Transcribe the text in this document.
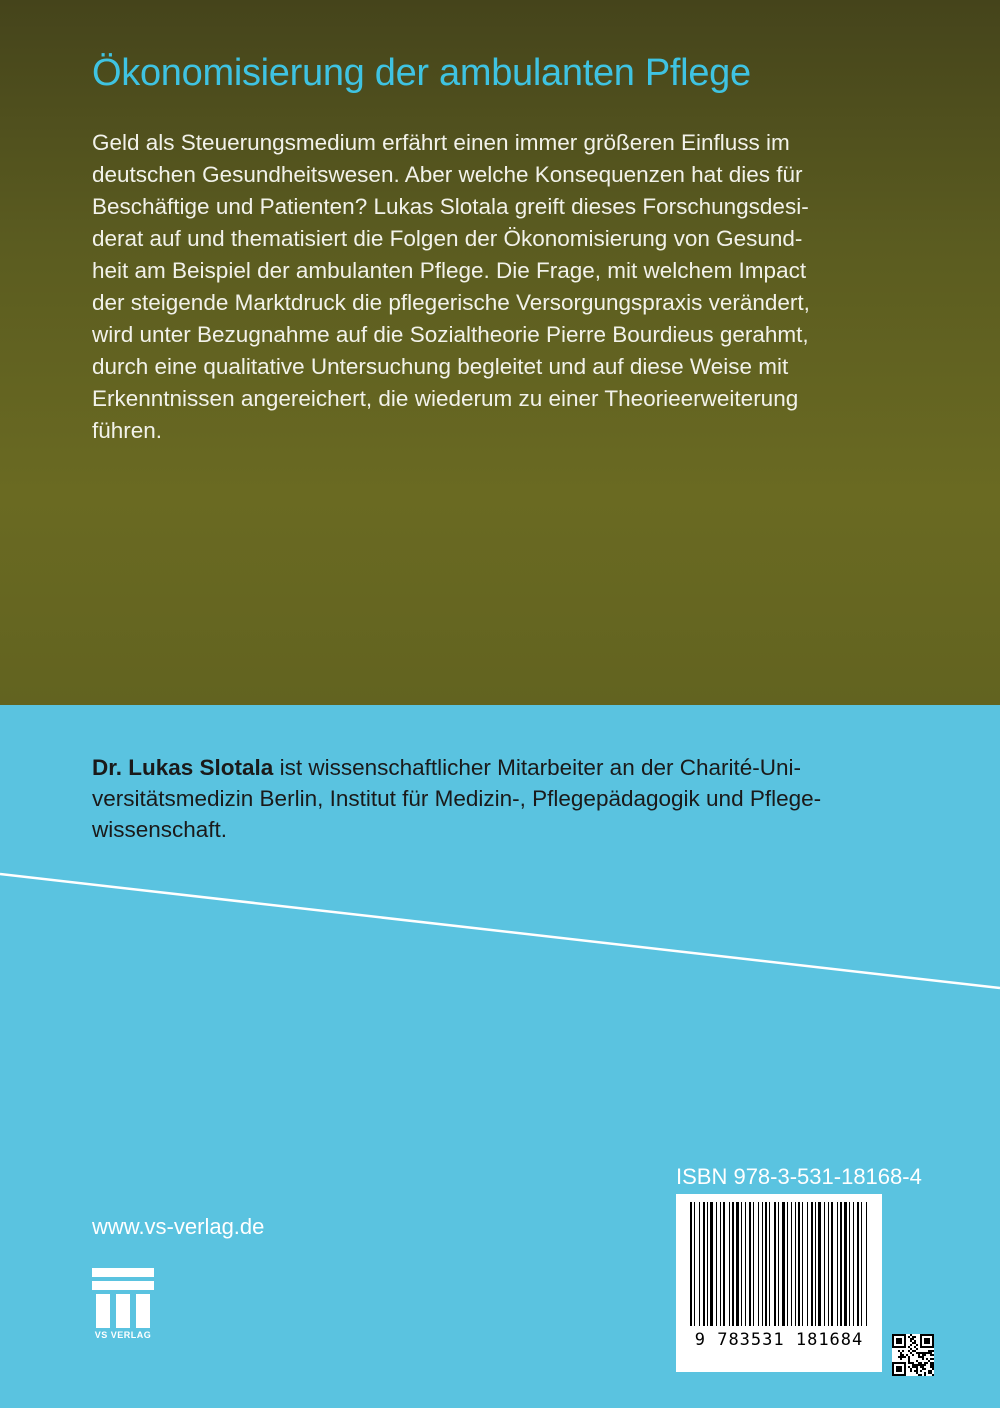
Ökonomisierung der ambulanten Pflege
Geld als Steuerungsmedium erfährt einen immer größeren Einfluss im
deutschen Gesundheitswesen. Aber welche Konsequenzen hat dies für
Beschäftige und Patienten? Lukas Slotala greift dieses Forschungsdesi-
derat auf und thematisiert die Folgen der Ökonomisierung von Gesund-
heit am Beispiel der ambulanten Pflege. Die Frage, mit welchem Impact
der steigende Marktdruck die pflegerische Versorgungspraxis verändert,
wird unter Bezugnahme auf die Sozialtheorie Pierre Bourdieus gerahmt,
durch eine qualitative Untersuchung begleitet und auf diese Weise mit
Erkenntnissen angereichert, die wiederum zu einer Theorieerweiterung
führen.
Dr. Lukas Slotala ist wissenschaftlicher Mitarbeiter an der Charité-Uni-
versitätsmedizin Berlin, Institut für Medizin-, Pflegepädagogik und Pflege-
wissenschaft.
www.vs-verlag.de
VS VERLAG
ISBN 978-3-531-18168-4
9 783531 181684
